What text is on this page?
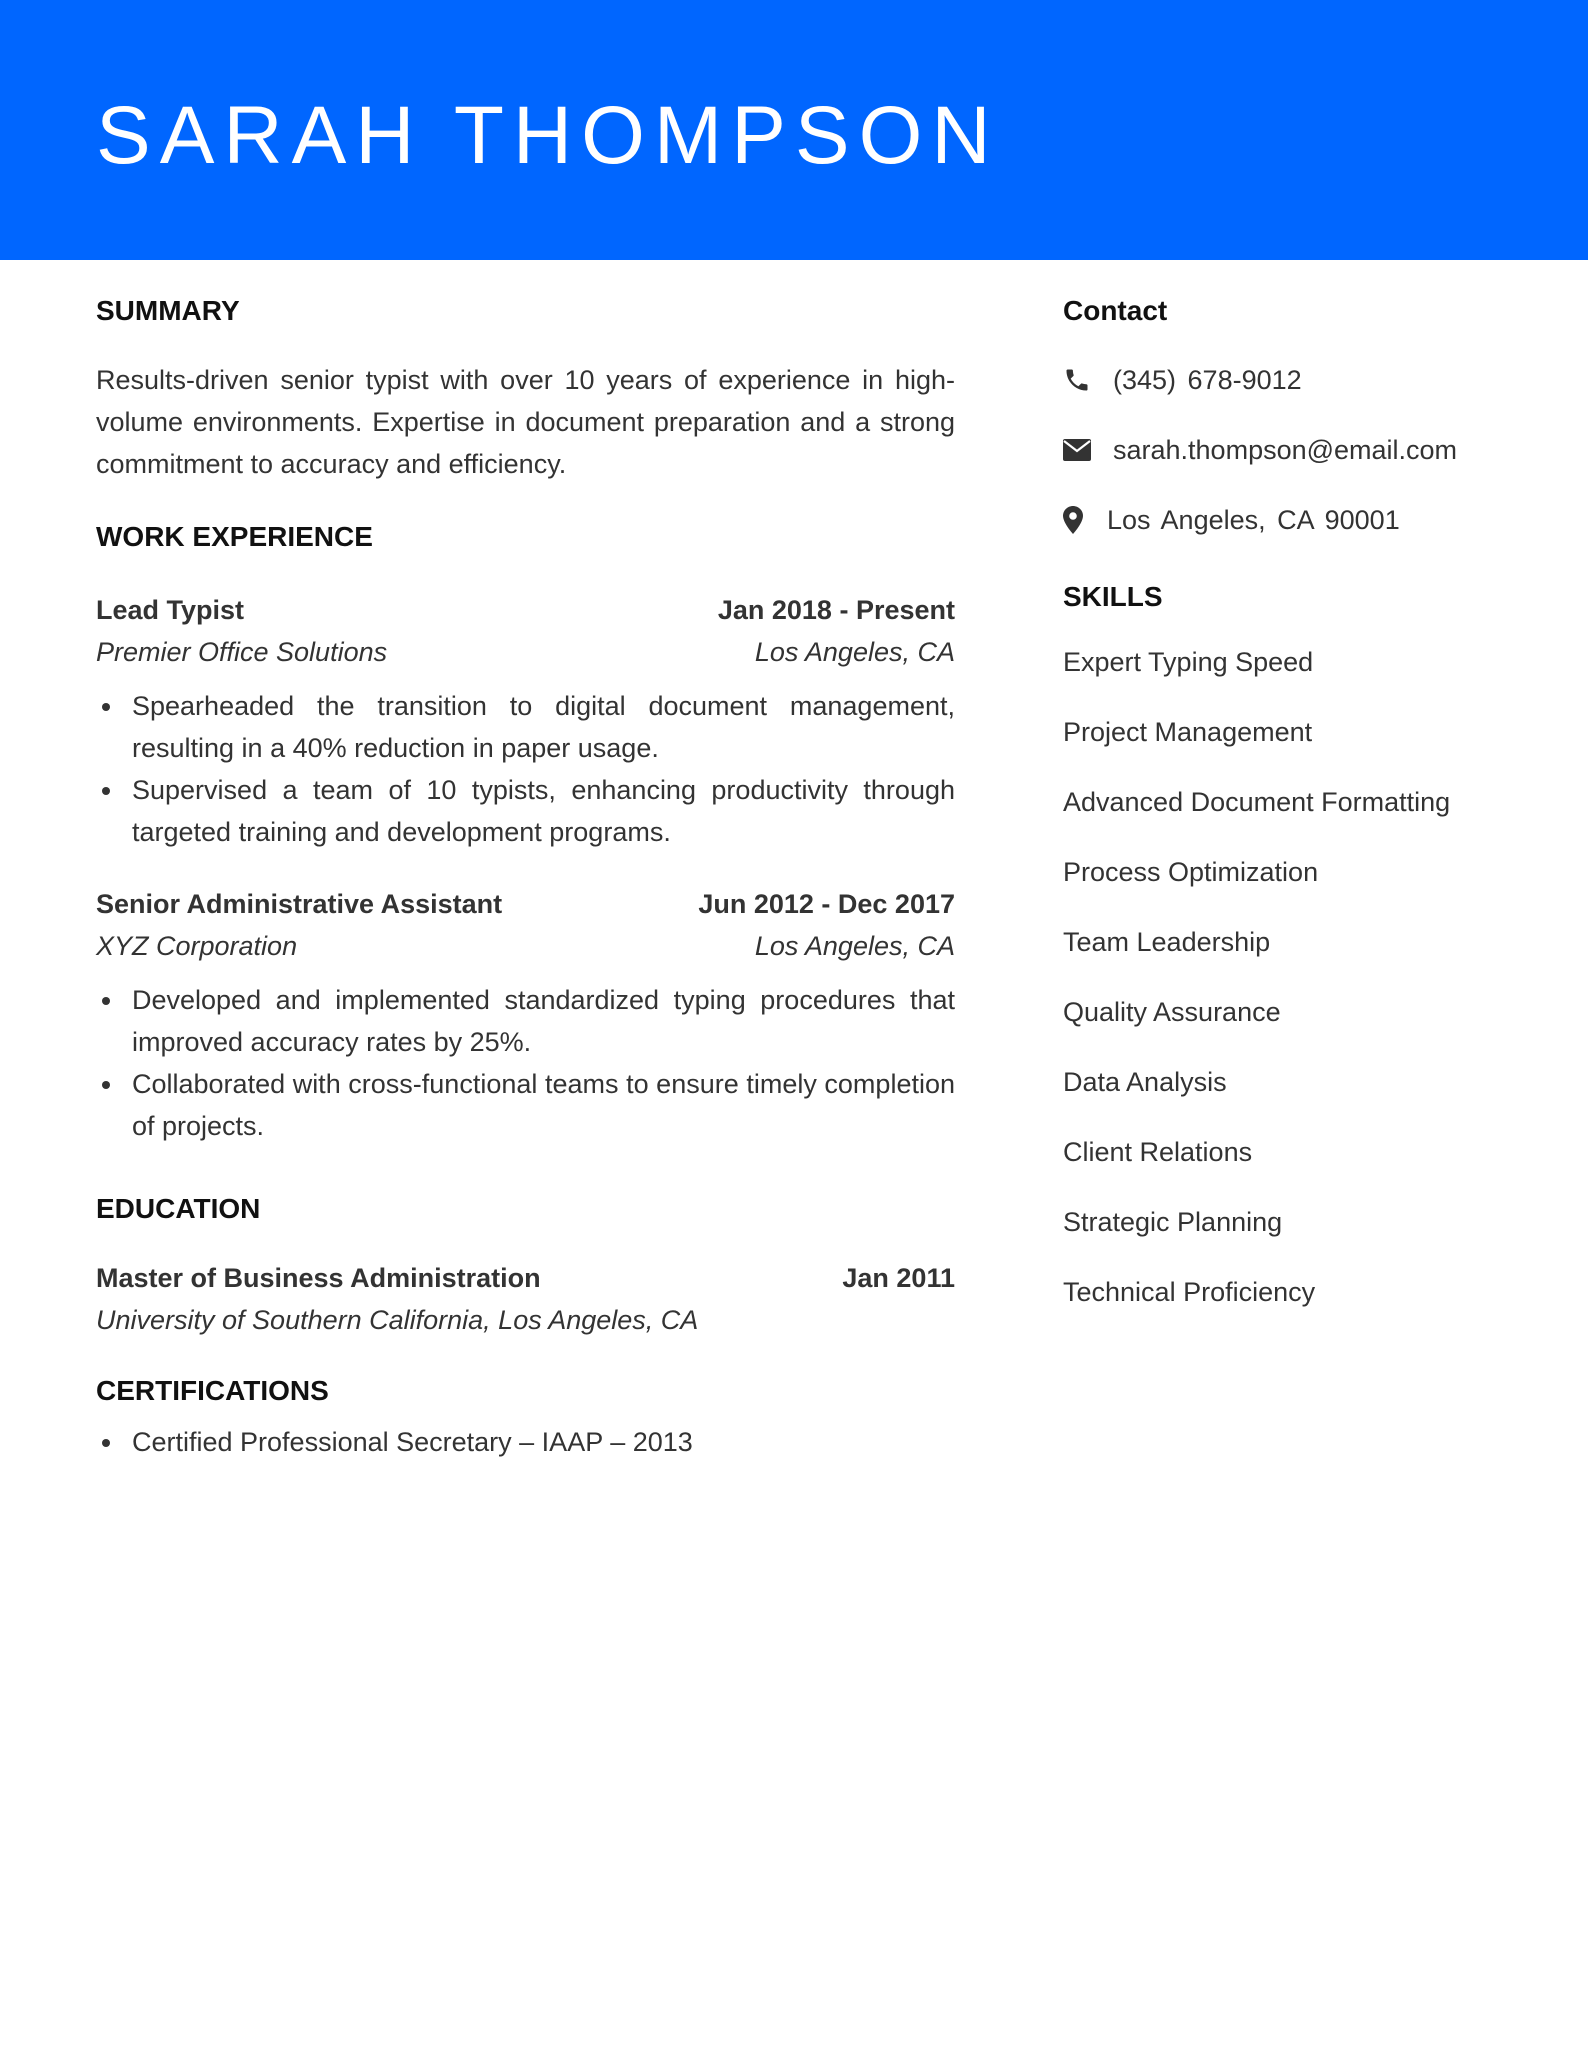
SARAH THOMPSON
SUMMARY

Results-driven senior typist with over 10 years of experience in high-volume environments. Expertise in document preparation and a strong commitment to accuracy and efficiency.

WORK EXPERIENCE
Lead Typist	Jan 2018 - Present
Premier Office Solutions	Los Angeles, CA
Spearheaded the transition to digital document management, resulting in a 40% reduction in paper usage.
Supervised a team of 10 typists, enhancing productivity through targeted training and development programs.
Senior Administrative Assistant	Jun 2012 - Dec 2017
XYZ Corporation	Los Angeles, CA
Developed and implemented standardized typing procedures that improved accuracy rates by 25%.
Collaborated with cross-functional teams to ensure timely completion of projects.
EDUCATION
Master of Business Administration	Jan 2011
University of Southern California, Los Angeles, CA
CERTIFICATIONS
Certified Professional Secretary – IAAP – 2013
Contact
(345) 678-9012
sarah.thompson@email.com
Los Angeles, CA 90001
SKILLS
Expert Typing Speed
Project Management
Advanced Document Formatting
Process Optimization
Team Leadership
Quality Assurance
Data Analysis
Client Relations
Strategic Planning
Technical Proficiency
